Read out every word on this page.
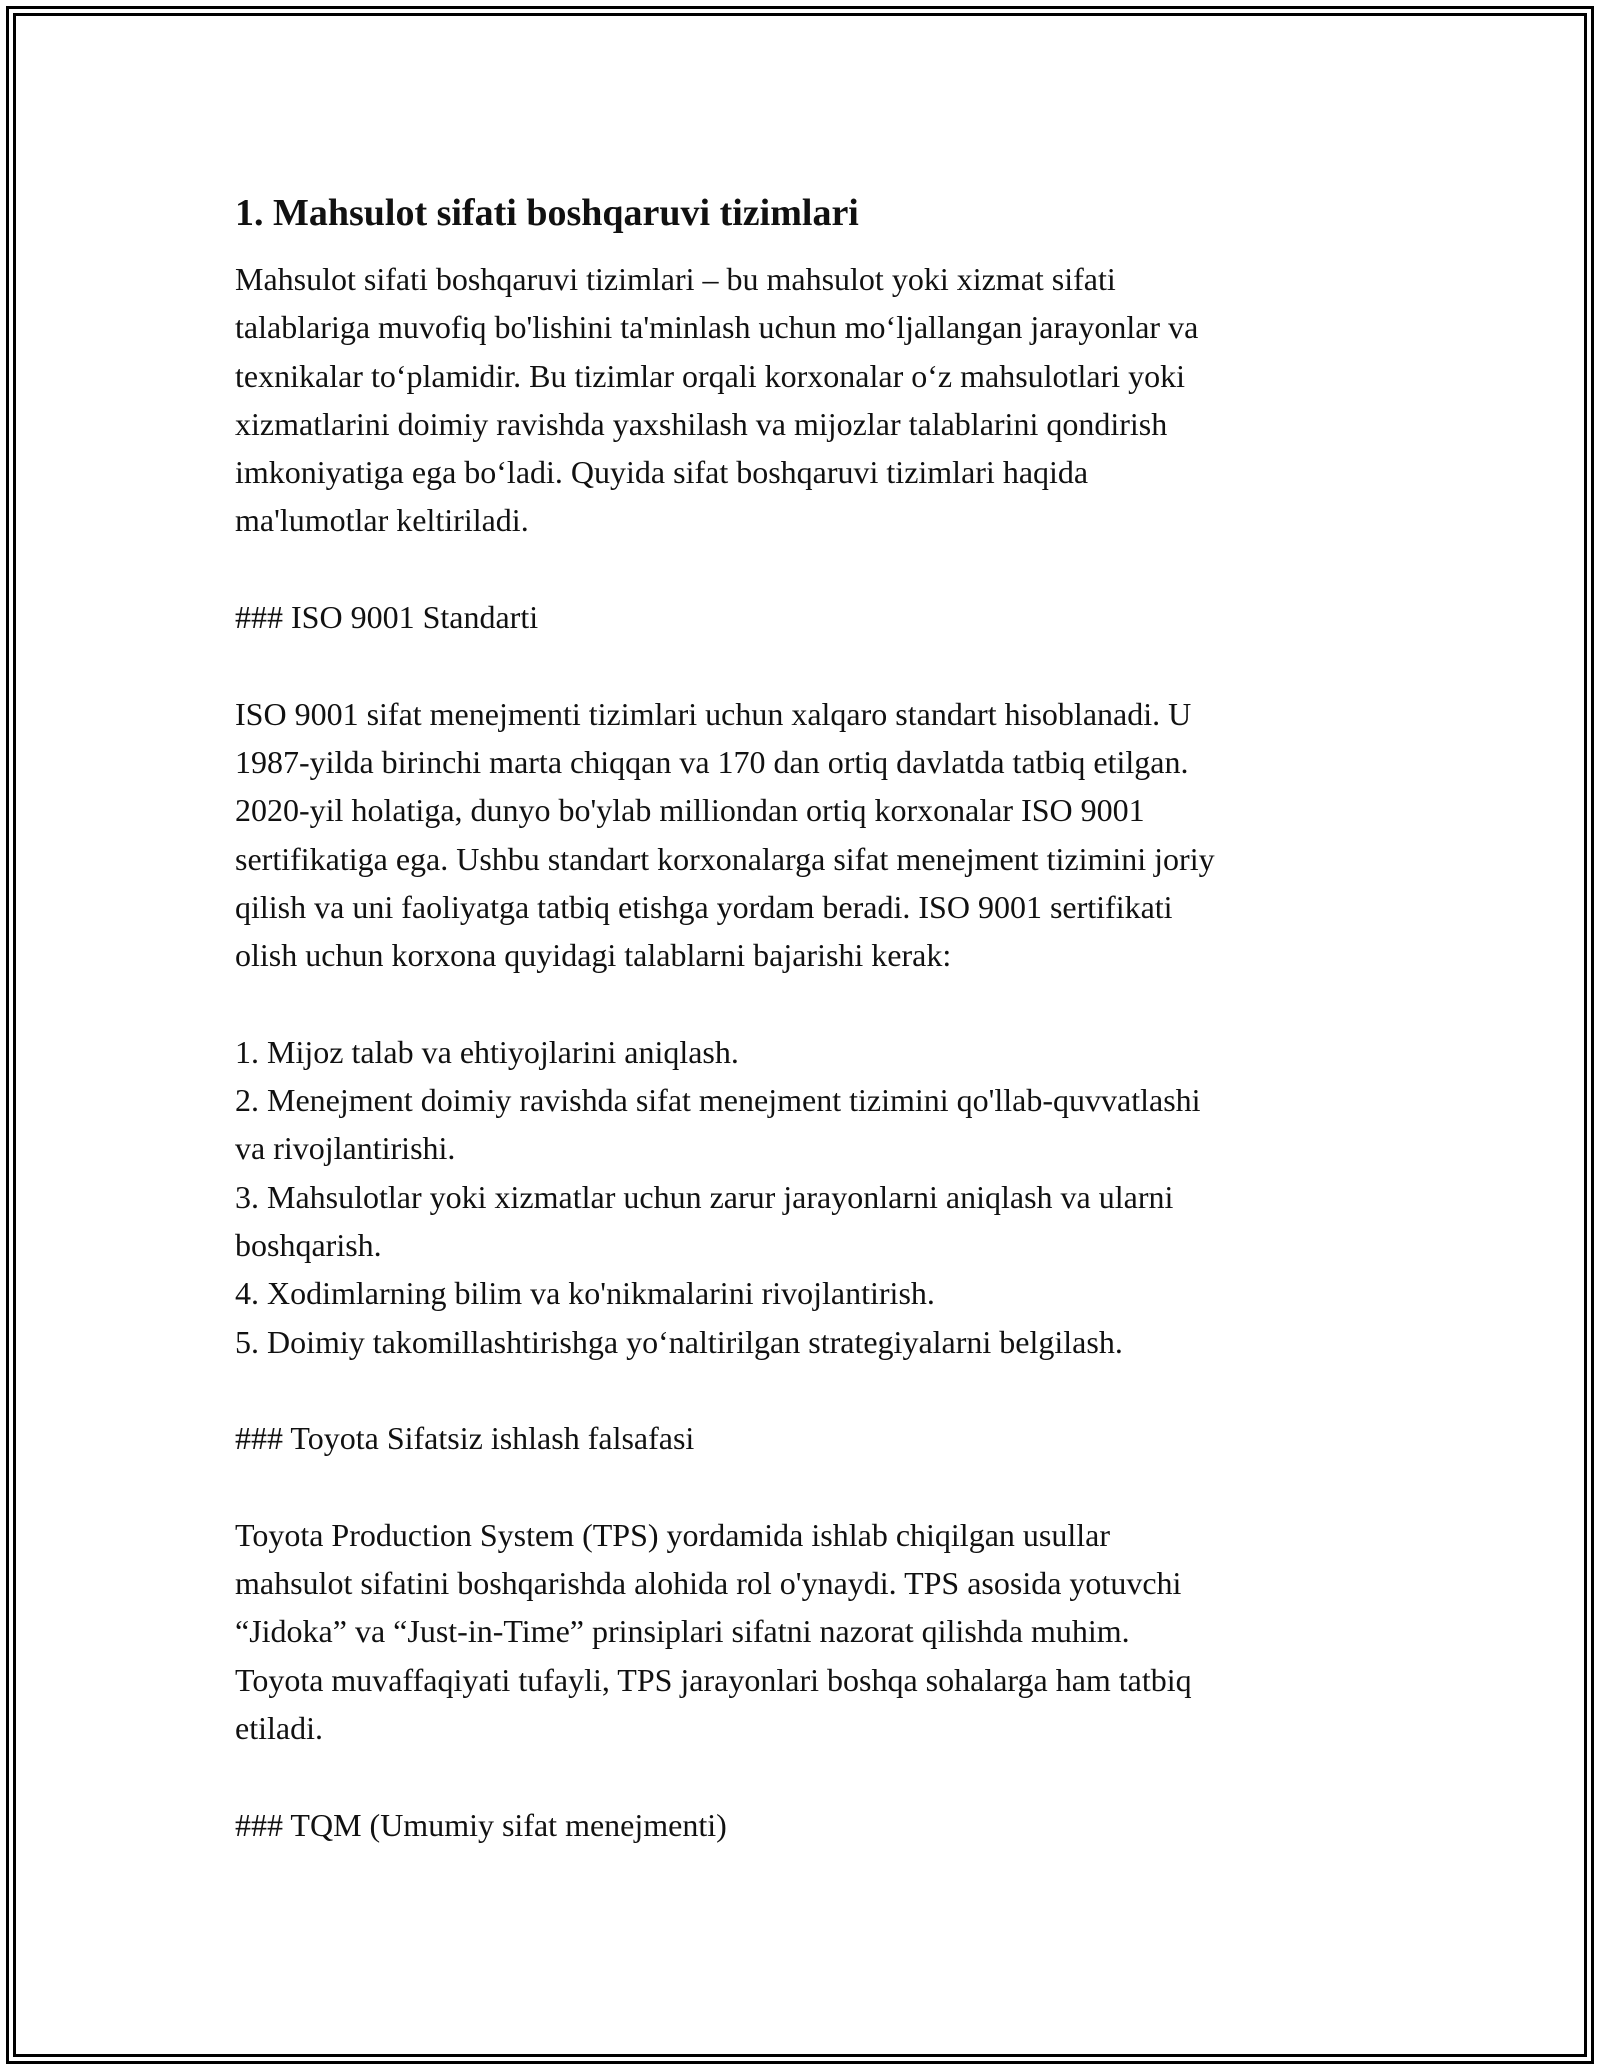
1. Mahsulot sifati boshqaruvi tizimlari
Mahsulot sifati boshqaruvi tizimlari – bu mahsulot yoki xizmat sifati
talablariga muvofiq bo'lishini ta'minlash uchun moʻljallangan jarayonlar va
texnikalar toʻplamidir. Bu tizimlar orqali korxonalar oʻz mahsulotlari yoki
xizmatlarini doimiy ravishda yaxshilash va mijozlar talablarini qondirish
imkoniyatiga ega boʻladi. Quyida sifat boshqaruvi tizimlari haqida
ma'lumotlar keltiriladi.
### ISO 9001 Standarti
ISO 9001 sifat menejmenti tizimlari uchun xalqaro standart hisoblanadi. U
1987-yilda birinchi marta chiqqan va 170 dan ortiq davlatda tatbiq etilgan.
2020-yil holatiga, dunyo bo'ylab milliondan ortiq korxonalar ISO 9001
sertifikatiga ega. Ushbu standart korxonalarga sifat menejment tizimini joriy
qilish va uni faoliyatga tatbiq etishga yordam beradi. ISO 9001 sertifikati
olish uchun korxona quyidagi talablarni bajarishi kerak:
1. Mijoz talab va ehtiyojlarini aniqlash.
2. Menejment doimiy ravishda sifat menejment tizimini qo'llab-quvvatlashi
va rivojlantirishi.
3. Mahsulotlar yoki xizmatlar uchun zarur jarayonlarni aniqlash va ularni
boshqarish.
4. Xodimlarning bilim va ko'nikmalarini rivojlantirish.
5. Doimiy takomillashtirishga yoʻnaltirilgan strategiyalarni belgilash.
### Toyota Sifatsiz ishlash falsafasi
Toyota Production System (TPS) yordamida ishlab chiqilgan usullar
mahsulot sifatini boshqarishda alohida rol o'ynaydi. TPS asosida yotuvchi
“Jidoka” va “Just-in-Time” prinsiplari sifatni nazorat qilishda muhim.
Toyota muvaffaqiyati tufayli, TPS jarayonlari boshqa sohalarga ham tatbiq
etiladi.
### TQM (Umumiy sifat menejmenti)
